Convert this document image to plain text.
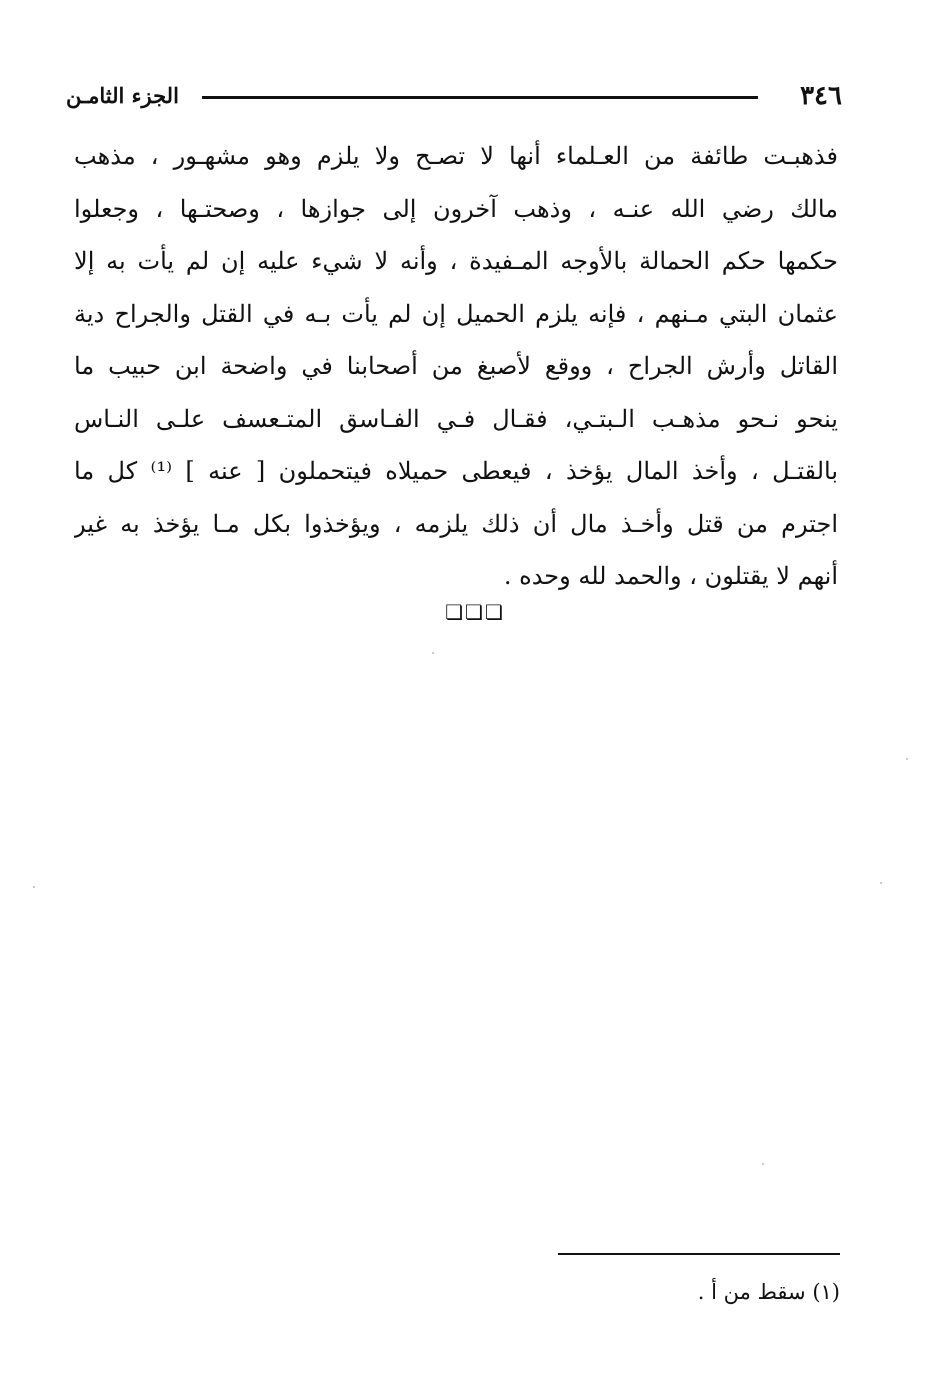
٣٤٦
الجزء الثامـن
فذهبـت طائفة من العـلماء أنها لا تصـح ولا يلزم وهو مشهـور ، مذهب
مالك رضي الله عنـه ، وذهب آخرون إلى جوازها ، وصحتـها ، وجعلوا
حكمها حكم الحمالة بالأوجه المـفيدة ، وأنه لا شيء عليه إن لم يأت به إلا
عثمان البتي مـنهم ، فإنه يلزم الحميل إن لم يأت بـه في القتل والجراح دية
القاتل وأرش الجراح ، ووقع لأصبغ من أصحابنا في واضحة ابن حبيب ما
ينحو نـحو مذهـب الـبتـي، فقـال فـي الفـاسق المتـعسف علـى النـاس
بالقتـل ، وأخذ المال يؤخذ ، فيعطى حميلاه فيتحملون [ عنه ] ⁽¹⁾ كل ما
اجترم من قتل وأخـذ مال أن ذلك يلزمه ، ويؤخذوا بكل مـا يؤخذ به غير
أنهم لا يقتلون ، والحمد لله وحده .
❏❏❏
(١) سقط من أ .
